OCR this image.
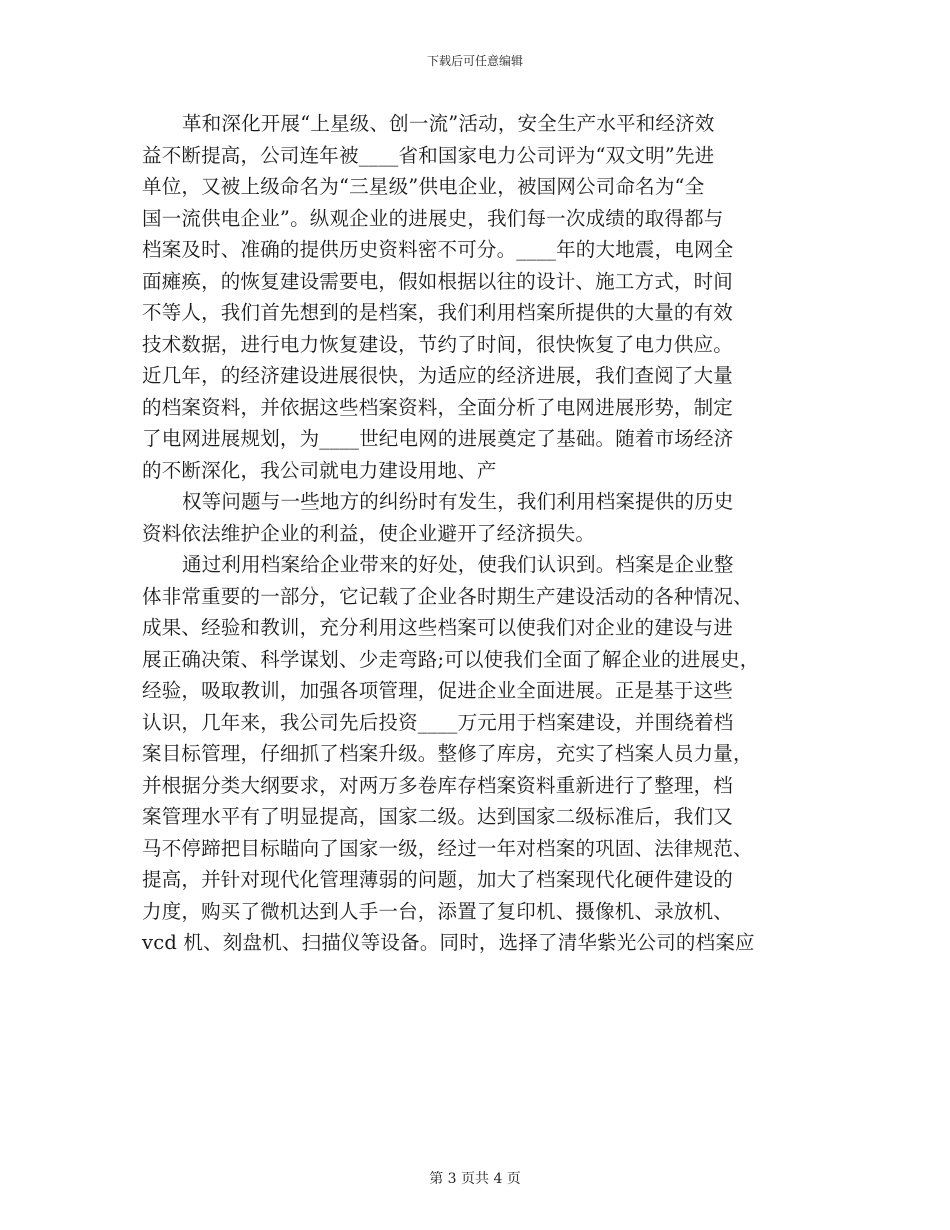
下载后可任意编辑
革和深化开展“上星级、创一流”活动，安全生产水平和经济效
益不断提高，公司连年被____省和国家电力公司评为“双文明”先进
单位，又被上级命名为“三星级”供电企业，被国网公司命名为“全
国一流供电企业”。纵观企业的进展史，我们每一次成绩的取得都与
档案及时、准确的提供历史资料密不可分。____年的大地震，电网全
面瘫痪，的恢复建设需要电，假如根据以往的设计、施工方式，时间
不等人，我们首先想到的是档案，我们利用档案所提供的大量的有效
技术数据，进行电力恢复建设，节约了时间，很快恢复了电力供应。
近几年，的经济建设进展很快，为适应的经济进展，我们查阅了大量
的档案资料，并依据这些档案资料，全面分析了电网进展形势，制定
了电网进展规划，为____世纪电网的进展奠定了基础。随着市场经济
的不断深化，我公司就电力建设用地、产
权等问题与一些地方的纠纷时有发生，我们利用档案提供的历史
资料依法维护企业的利益，使企业避开了经济损失。
通过利用档案给企业带来的好处，使我们认识到。档案是企业整
体非常重要的一部分，它记载了企业各时期生产建设活动的各种情况、
成果、经验和教训，充分利用这些档案可以使我们对企业的建设与进
展正确决策、科学谋划、少走弯路;可以使我们全面了解企业的进展史，
经验，吸取教训，加强各项管理，促进企业全面进展。正是基于这些
认识，几年来，我公司先后投资____万元用于档案建设，并围绕着档
案目标管理，仔细抓了档案升级。整修了库房，充实了档案人员力量，
并根据分类大纲要求，对两万多卷库存档案资料重新进行了整理，档
案管理水平有了明显提高，国家二级。达到国家二级标准后，我们又
马不停蹄把目标瞄向了国家一级，经过一年对档案的巩固、法律规范、
提高，并针对现代化管理薄弱的问题，加大了档案现代化硬件建设的
力度，购买了微机达到人手一台，添置了复印机、摄像机、录放机、
vcd 机、刻盘机、扫描仪等设备。同时，选择了清华紫光公司的档案应
第 3 页共 4 页
